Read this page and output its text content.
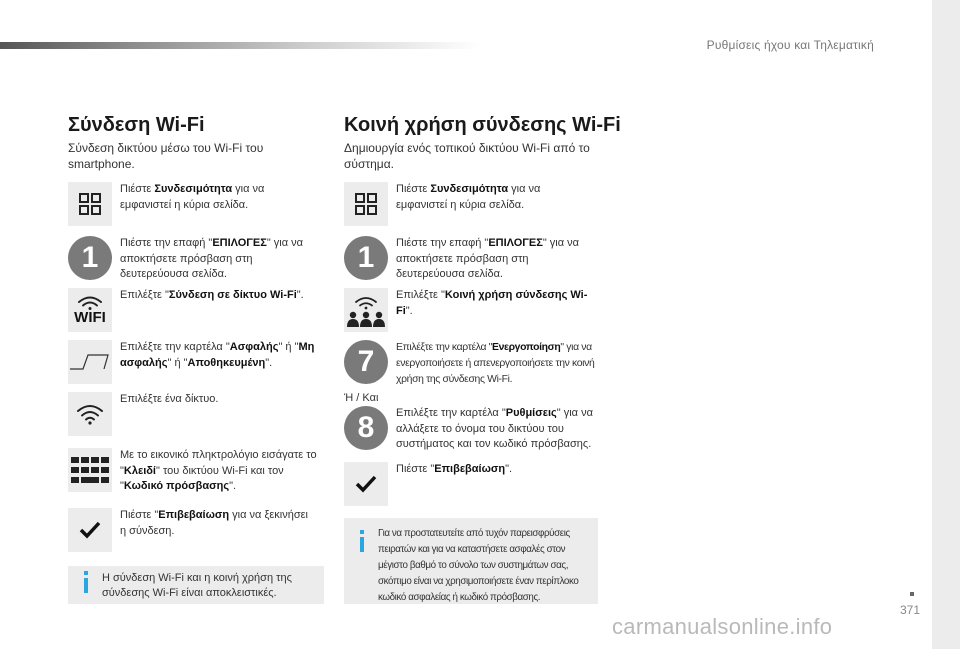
Ρυθμίσεις ήχου και Τηλεματική
Σύνδεση Wi-Fi
Σύνδεση δικτύου μέσω του Wi-Fi του smartphone.
Πιέστε Συνδεσιμότητα για να εμφανιστεί η κύρια σελίδα.
1	Πιέστε την επαφή "ΕΠΙΛΟΓΕΣ" για να αποκτήσετε πρόσβαση στη δευτερεύουσα σελίδα.
WIFI
Επιλέξτε "Σύνδεση σε δίκτυο Wi-Fi".
Επιλέξτε την καρτέλα "Ασφαλής" ή "Μη ασφαλής" ή "Αποθηκευμένη".
Επιλέξτε ένα δίκτυο.
Με το εικονικό πληκτρολόγιο εισάγατε το "Κλειδί" του δικτύου Wi-Fi και τον "Κωδικό πρόσβασης".
Πιέστε "Επιβεβαίωση για να ξεκινήσει η σύνδεση.
Η σύνδεση Wi-Fi και η κοινή χρήση της σύνδεσης Wi-Fi είναι αποκλειστικές.
Κοινή χρήση σύνδεσης Wi-Fi
Δημιουργία ενός τοπικού δικτύου Wi-Fi από το σύστημα.
Πιέστε Συνδεσιμότητα για να εμφανιστεί η κύρια σελίδα.
1	Πιέστε την επαφή "ΕΠΙΛΟΓΕΣ" για να αποκτήσετε πρόσβαση στη δευτερεύουσα σελίδα.
Επιλέξτε "Κοινή χρήση σύνδεσης Wi-Fi".
7	Επιλέξτε την καρτέλα "Ενεργοποίηση" για να ενεργοποιήσετε ή απενεργοποιήσετε την κοινή χρήση της σύνδεσης Wi-Fi.
Ή / Και
8	Επιλέξτε την καρτέλα "Ρυθμίσεις" για να αλλάξετε το όνομα του δικτύου του συστήματος και τον κωδικό πρόσβασης.
Πιέστε "Επιβεβαίωση".
Για να προστατευτείτε από τυχόν παρεισφρύσεις πειρατών και για να καταστήσετε ασφαλές στον μέγιστο βαθμό το σύνολο των συστημάτων σας, σκόπιμο είναι να χρησιμοποιήσετε έναν περίπλοκο κωδικό ασφαλείας ή κωδικό πρόσβασης.
371
carmanualsonline.info
